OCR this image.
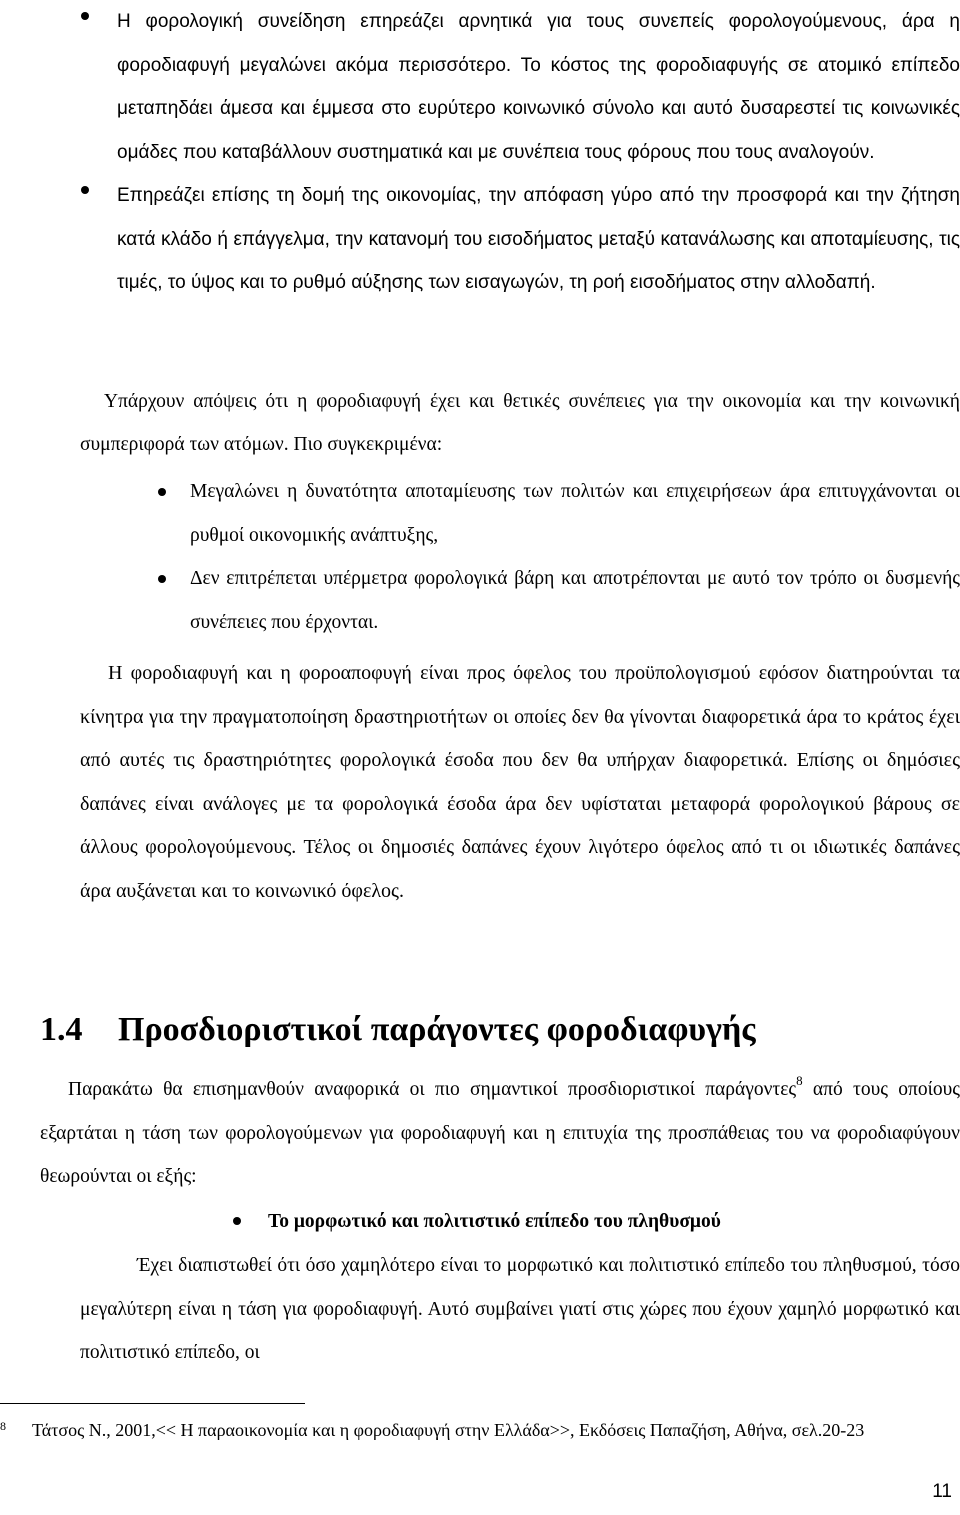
Η φορολογική συνείδηση επηρεάζει αρνητικά για τους συνεπείς φορολογούμενους, άρα η φοροδιαφυγή μεγαλώνει ακόμα περισσότερο. Το κόστος της φοροδιαφυγής σε ατομικό επίπεδο μεταπηδάει άμεσα και έμμεσα στο ευρύτερο κοινωνικό σύνολο και αυτό δυσαρεστεί τις κοινωνικές ομάδες που καταβάλλουν συστηματικά και με συνέπεια τους φόρους που τους αναλογούν.
Επηρεάζει επίσης τη δομή της οικονομίας, την απόφαση γύρο από την προσφορά και την ζήτηση κατά κλάδο ή επάγγελμα, την κατανομή του εισοδήματος μεταξύ κατανάλωσης και αποταμίευσης, τις τιμές, το ύψος και το ρυθμό αύξησης των εισαγωγών, τη ροή εισοδήματος στην αλλοδαπή.

Υπάρχουν απόψεις ότι η φοροδιαφυγή έχει και θετικές συνέπειες για την οικονομία και την κοινωνική συμπεριφορά των ατόμων. Πιο συγκεκριμένα:

Μεγαλώνει η δυνατότητα αποταμίευσης των πολιτών και επιχειρήσεων άρα επιτυγχάνονται οι ρυθμοί οικονομικής ανάπτυξης,
Δεν επιτρέπεται υπέρμετρα φορολογικά βάρη και αποτρέπονται με αυτό τον τρόπο οι δυσμενής συνέπειες που έρχονται.

Η φοροδιαφυγή και η φοροαποφυγή είναι προς όφελος του προϋπολογισμού εφόσον διατηρούνται τα κίνητρα για την πραγματοποίηση δραστηριοτήτων οι οποίες δεν θα γίνονται διαφορετικά άρα το κράτος έχει από αυτές τις δραστηριότητες φορολογικά έσοδα που δεν θα υπήρχαν διαφορετικά. Επίσης οι δημόσιες δαπάνες είναι ανάλογες με τα φορολογικά έσοδα άρα δεν υφίσταται μεταφορά φορολογικού βάρους σε άλλους φορολογούμενους. Τέλος οι δημοσιές δαπάνες έχουν λιγότερο όφελος από τι οι ιδιωτικές δαπάνες άρα αυξάνεται και το κοινωνικό όφελος.

1.4 Προσδιοριστικοί παράγοντες φοροδιαφυγής

Παρακάτω θα επισημανθούν αναφορικά οι πιο σημαντικοί προσδιοριστικοί παράγοντες$^8$ από τους οποίους εξαρτάται η τάση των φορολογούμενων για φοροδιαφυγή και η επιτυχία της προσπάθειας του να φοροδιαφύγουν θεωρούνται οι εξής:

Το μορφωτικό και πολιτιστικό επίπεδο του πληθυσμού

Έχει διαπιστωθεί ότι όσο χαμηλότερο είναι το μορφωτικό και πολιτιστικό επίπεδο του πληθυσμού, τόσο μεγαλύτερη είναι η τάση για φοροδιαφυγή. Αυτό συμβαίνει γιατί στις χώρες που έχουν χαμηλό μορφωτικό και πολιτιστικό επίπεδο, οι

8 Τάτσος Ν., 2001,<< Η παραοικονομία και η φοροδιαφυγή στην Ελλάδα>>, Εκδόσεις Παπαζήση, Αθήνα, σελ.20-23

11
